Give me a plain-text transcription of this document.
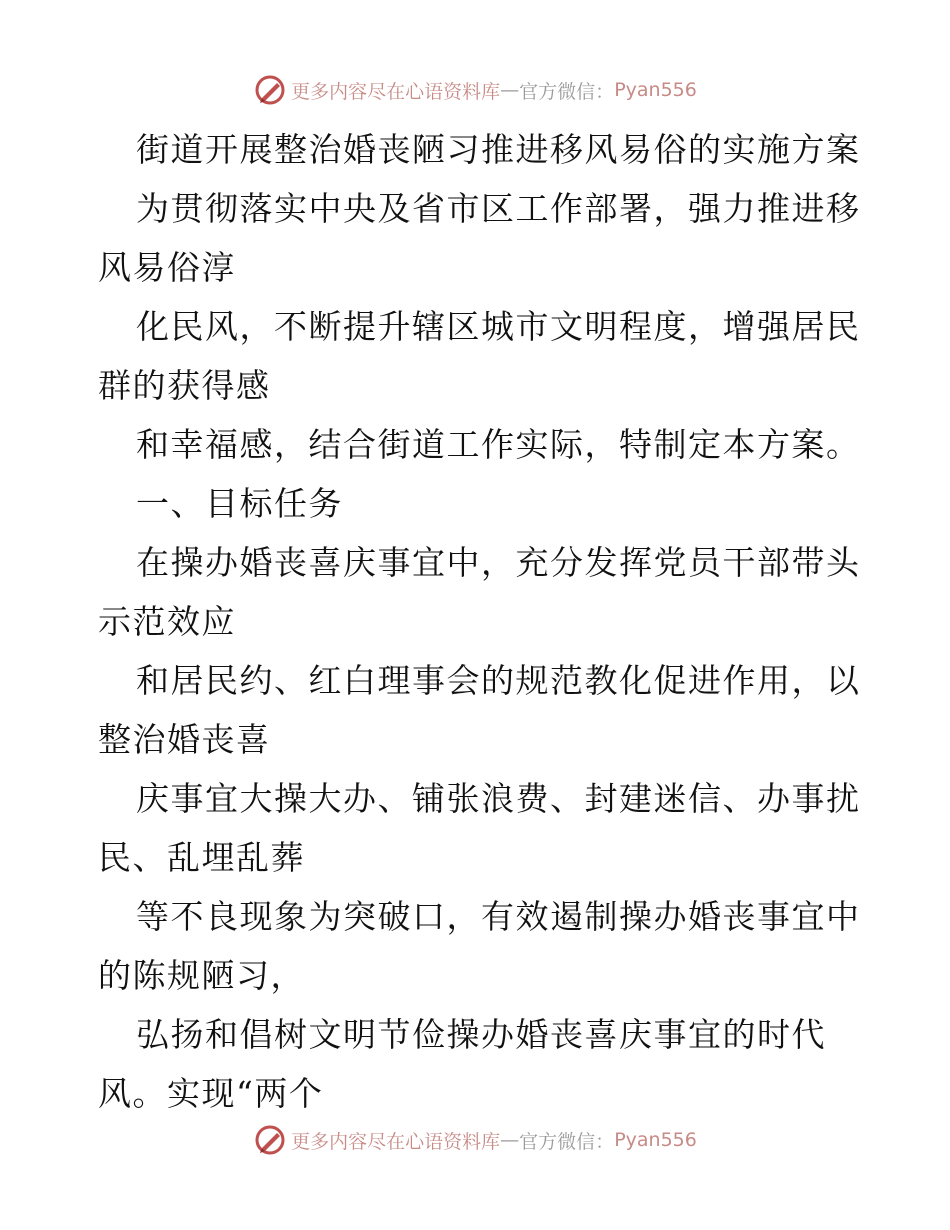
更多内容尽在心语资料库 — 官方微信： Pyan556
街道开展整治婚丧陋习推进移风易俗的实施方案
为贯彻落实中央及省市区工作部署，强力推进移
风易俗淳
化民风，不断提升辖区城市文明程度，增强居民
群的获得感
和幸福感，结合街道工作实际，特制定本方案。
一、目标任务
在操办婚丧喜庆事宜中，充分发挥党员干部带头
示范效应
和居民约、红白理事会的规范教化促进作用，以
整治婚丧喜
庆事宜大操大办、铺张浪费、封建迷信、办事扰
民、乱埋乱葬
等不良现象为突破口，有效遏制操办婚丧事宜中
的陈规陋习，
弘扬和倡树文明节俭操办婚丧喜庆事宜的时代
风。实现“两个
更多内容尽在心语资料库 — 官方微信： Pyan556
